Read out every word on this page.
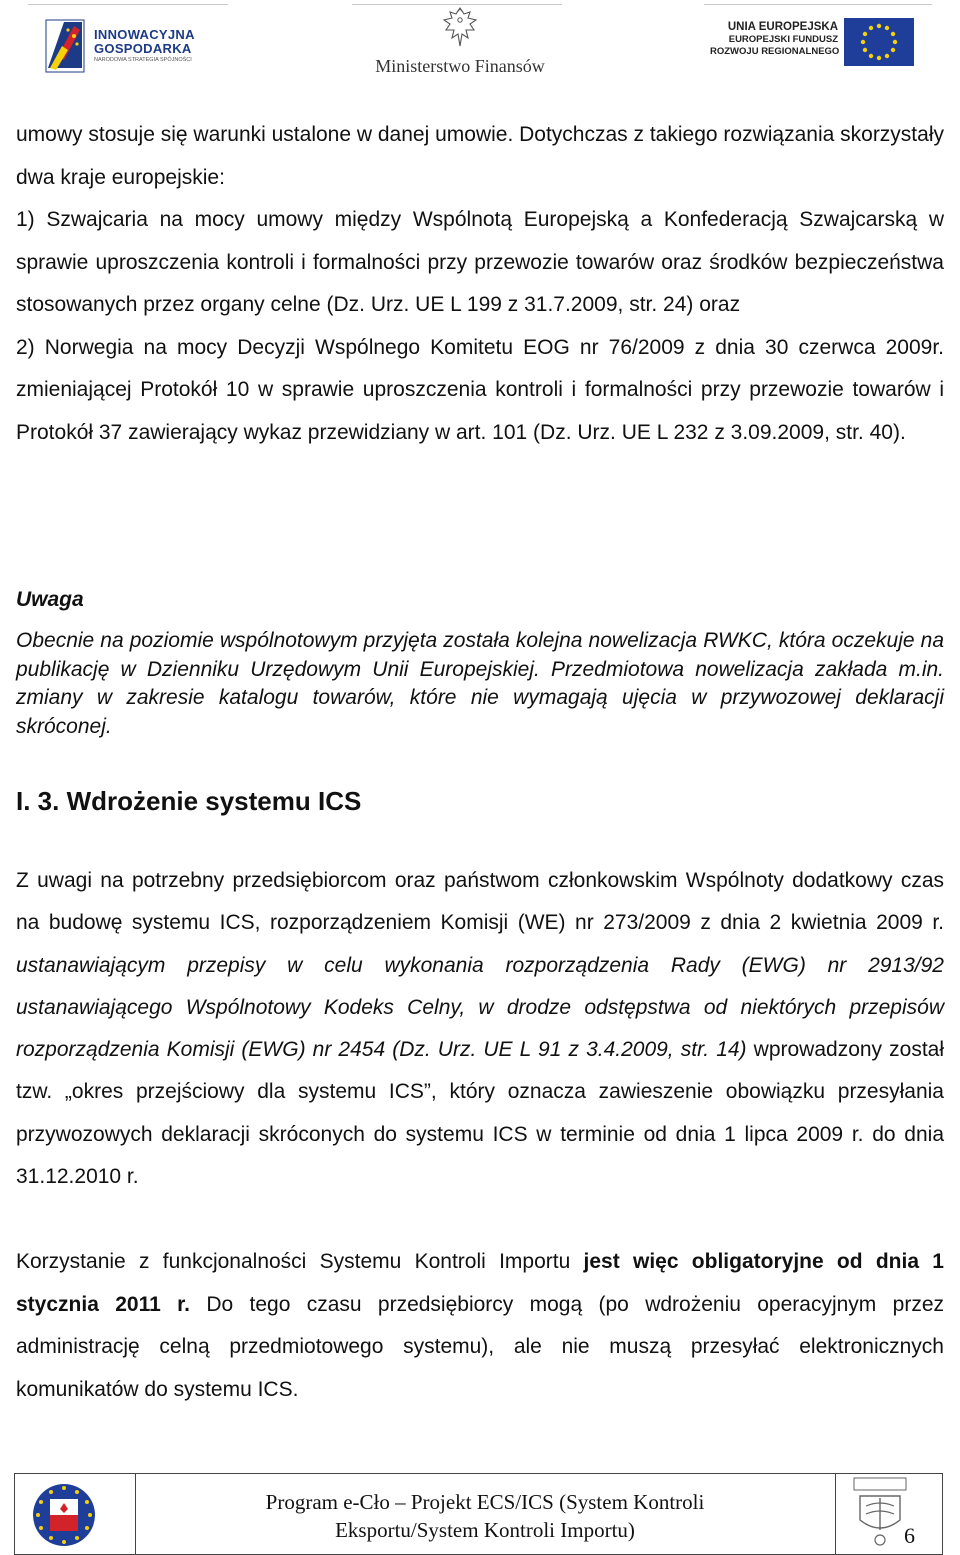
INNOWACYJNA
GOSPODARKA
NARODOWA STRATEGIA SPÓJNOŚCI	Ministerstwo Finansów
UNIA EUROPEJSKA
EUROPEJSKI FUNDUSZ
ROZWOJU REGIONALNEGO

umowy stosuje się warunki ustalone w danej umowie. Dotychczas z takiego rozwiązania skorzystały dwa kraje europejskie:
1) Szwajcaria na mocy umowy między Wspólnotą Europejską a Konfederacją Szwajcarską w sprawie uproszczenia kontroli i formalności przy przewozie towarów oraz środków bezpieczeństwa stosowanych przez organy celne (Dz. Urz. UE L 199 z 31.7.2009, str. 24) oraz
2) Norwegia na mocy Decyzji Wspólnego Komitetu EOG nr 76/2009 z dnia 30 czerwca 2009r. zmieniającej Protokół 10 w sprawie uproszczenia kontroli i formalności przy przewozie towarów i Protokół 37 zawierający wykaz przewidziany w art. 101 (Dz. Urz. UE L 232 z 3.09.2009, str. 40).

Uwaga

Obecnie na poziomie wspólnotowym przyjęta została kolejna nowelizacja RWKC, która oczekuje na publikację w Dzienniku Urzędowym Unii Europejskiej. Przedmiotowa nowelizacja zakłada m.in. zmiany w zakresie katalogu towarów, które nie wymagają ujęcia w przywozowej deklaracji skróconej.

I. 3. Wdrożenie systemu ICS

Z uwagi na potrzebny przedsiębiorcom oraz państwom członkowskim Wspólnoty dodatkowy czas na budowę systemu ICS, rozporządzeniem Komisji (WE) nr 273/2009 z dnia 2 kwietnia 2009 r. ustanawiającym przepisy w celu wykonania rozporządzenia Rady (EWG) nr 2913/92 ustanawiającego Wspólnotowy Kodeks Celny, w drodze odstępstwa od niektórych przepisów rozporządzenia Komisji (EWG) nr 2454 (Dz. Urz. UE L 91 z 3.4.2009, str. 14) wprowadzony został tzw. „okres przejściowy dla systemu ICS”, który oznacza zawieszenie obowiązku przesyłania przywozowych deklaracji skróconych do systemu ICS w terminie od dnia 1 lipca 2009 r. do dnia 31.12.2010 r.

Korzystanie z funkcjonalności Systemu Kontroli Importu jest więc obligatoryjne od dnia 1 stycznia 2011 r. Do tego czasu przedsiębiorcy mogą (po wdrożeniu operacyjnym przez administrację celną przedmiotowego systemu), ale nie muszą przesyłać elektronicznych komunikatów do systemu ICS.

Program e-Cło – Projekt ECS/ICS (System Kontroli
Eksportu/System Kontroli Importu)	6
